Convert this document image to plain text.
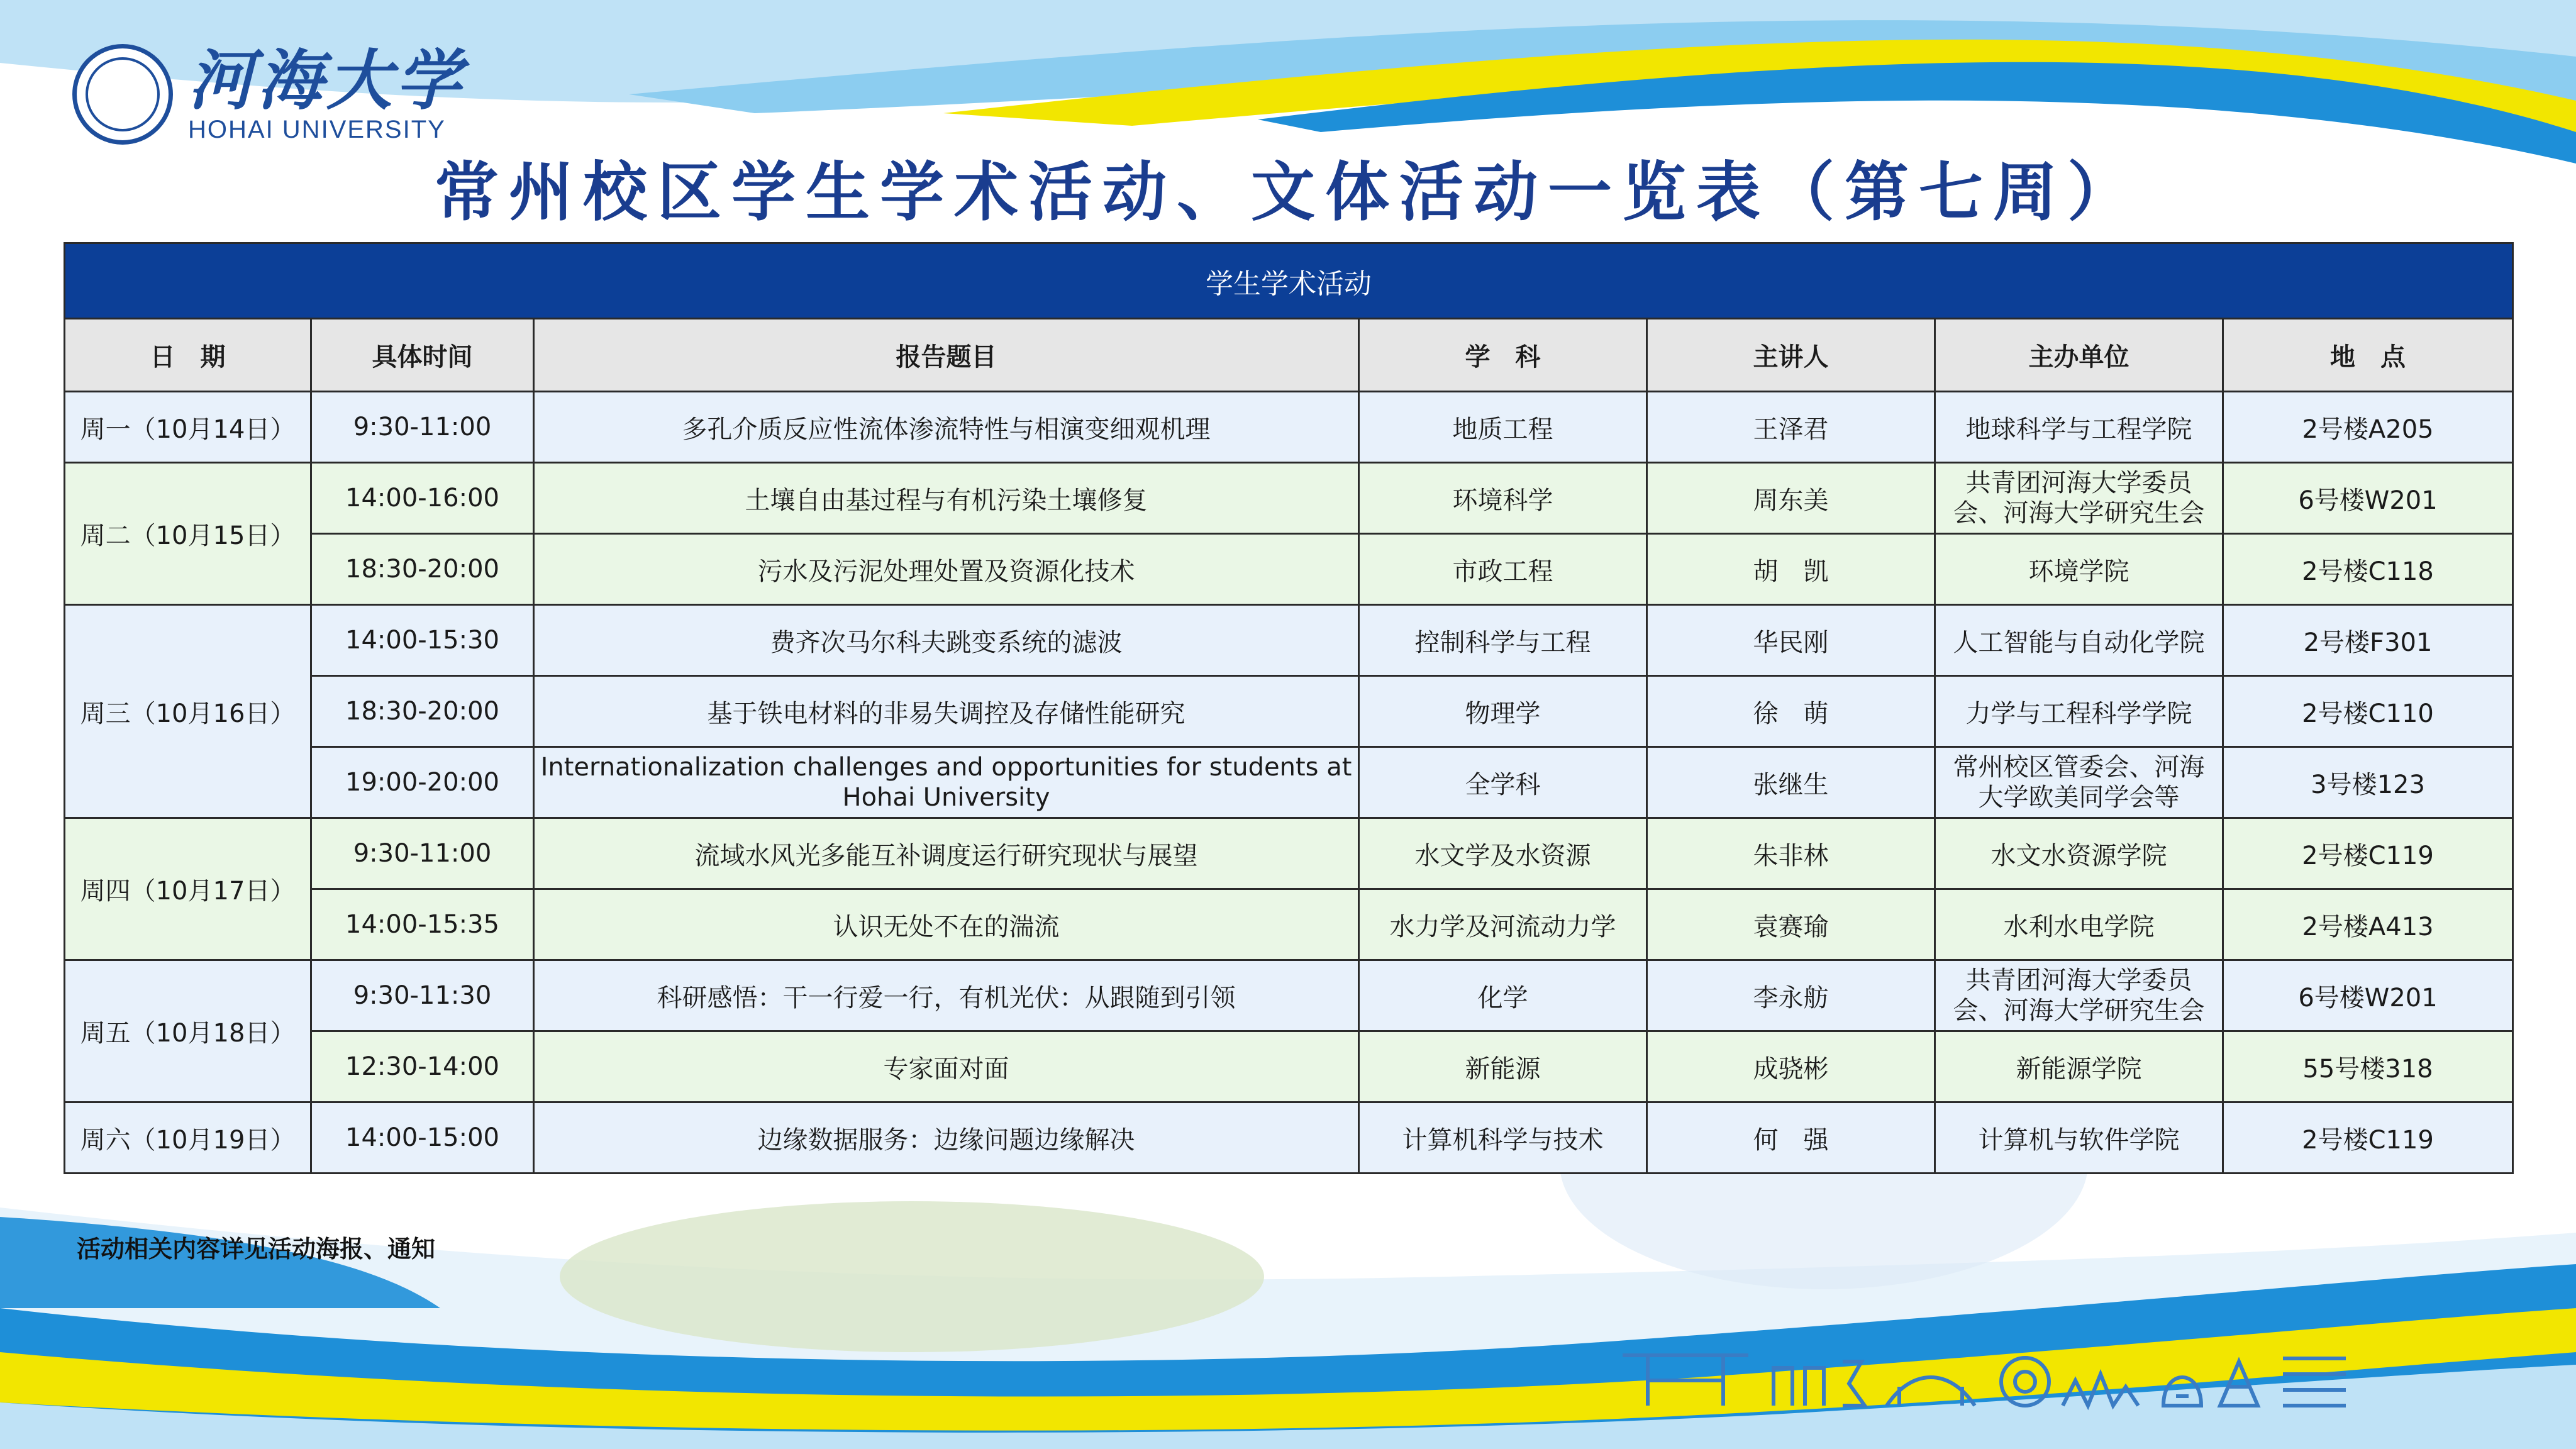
河海大学
HOHAI UNIVERSITY
常州校区学生学术活动、文体活动一览表（第七周）
学生学术活动						
日　期	具体时间	报告题目	学　科	主讲人	主办单位	地　点
周一（10月14日）	9:30-11:00	多孔介质反应性流体渗流特性与相演变细观机理	地质工程	王泽君	地球科学与工程学院	2号楼A205
周二（10月15日）	14:00-16:00	土壤自由基过程与有机污染土壤修复	环境科学	周东美	共青团河海大学委员会、河海大学研究生会	6号楼W201
	18:30-20:00	污水及污泥处理处置及资源化技术	市政工程	胡　凯	环境学院	2号楼C118
周三（10月16日）	14:00-15:30	费齐次马尔科夫跳变系统的滤波	控制科学与工程	华民刚	人工智能与自动化学院	2号楼F301
	18:30-20:00	基于铁电材料的非易失调控及存储性能研究	物理学	徐　萌	力学与工程科学学院	2号楼C110
	19:00-20:00	Internationalization challenges and opportunities for students at Hohai University	全学科	张继生	常州校区管委会、河海大学欧美同学会等	3号楼123
周四（10月17日）	9:30-11:00	流域水风光多能互补调度运行研究现状与展望	水文学及水资源	朱非林	水文水资源学院	2号楼C119
	14:00-15:35	认识无处不在的湍流	水力学及河流动力学	袁赛瑜	水利水电学院	2号楼A413
周五（10月18日）	9:30-11:30	科研感悟：干一行爱一行，有机光伏：从跟随到引领	化学	李永舫	共青团河海大学委员会、河海大学研究生会	6号楼W201
	12:30-14:00	专家面对面	新能源	成骁彬	新能源学院	55号楼318
周六（10月19日）	14:00-15:00	边缘数据服务：边缘问题边缘解决	计算机科学与技术	何　强	计算机与软件学院	2号楼C119
活动相关内容详见活动海报、通知
